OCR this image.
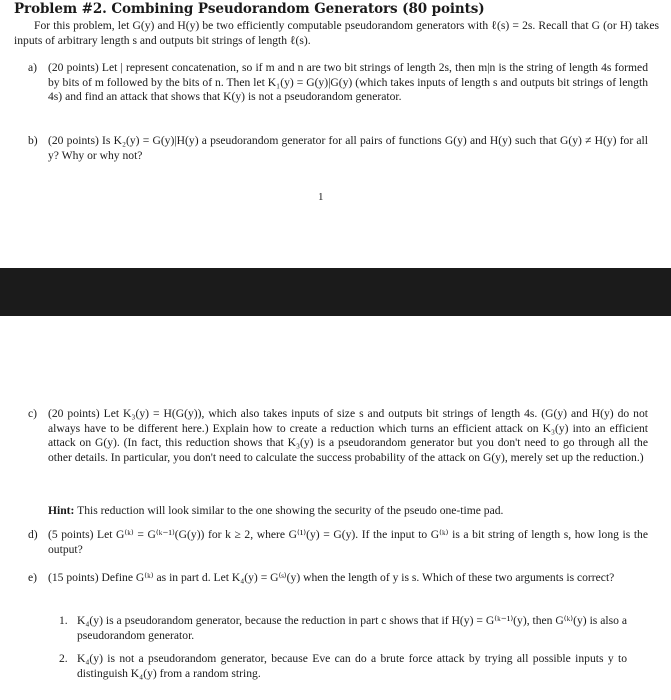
Problem #2. Combining Pseudorandom Generators (80 points)
For this problem, let G(y) and H(y) be two efficiently computable pseudorandom generators with ℓ(s) = 2s. Recall that G (or H) takes inputs of arbitrary length s and outputs bit strings of length ℓ(s).
a) (20 points) Let | represent concatenation, so if m and n are two bit strings of length 2s, then m|n is the string of length 4s formed by bits of m followed by the bits of n. Then let K₁(y) = G(y)|G(y) (which takes inputs of length s and outputs bit strings of length 4s) and find an attack that shows that K(y) is not a pseudorandom generator.
b) (20 points) Is K₂(y) = G(y)|H(y) a pseudorandom generator for all pairs of functions G(y) and H(y) such that G(y) ≠ H(y) for all y? Why or why not?
1
c) (20 points) Let K₃(y) = H(G(y)), which also takes inputs of size s and outputs bit strings of length 4s. (G(y) and H(y) do not always have to be different here.) Explain how to create a reduction which turns an efficient attack on K₃(y) into an efficient attack on G(y). (In fact, this reduction shows that K₃(y) is a pseudorandom generator but you don't need to go through all the other details. In particular, you don't need to calculate the success probability of the attack on G(y), merely set up the reduction.)
Hint: This reduction will look similar to the one showing the security of the pseudo one-time pad.
d) (5 points) Let G⁽ᵏ⁾ = G⁽ᵏ⁻¹⁾(G(y)) for k ≥ 2, where G⁽¹⁾(y) = G(y). If the input to G⁽ᵏ⁾ is a bit string of length s, how long is the output?
e) (15 points) Define G⁽ᵏ⁾ as in part d. Let K₄(y) = G⁽ˢ⁾(y) when the length of y is s. Which of these two arguments is correct?
1. K₄(y) is a pseudorandom generator, because the reduction in part c shows that if H(y) = G⁽ᵏ⁻¹⁾(y), then G⁽ᵏ⁾(y) is also a pseudorandom generator.
2. K₄(y) is not a pseudorandom generator, because Eve can do a brute force attack by trying all possible inputs y to distinguish K₄(y) from a random string.
